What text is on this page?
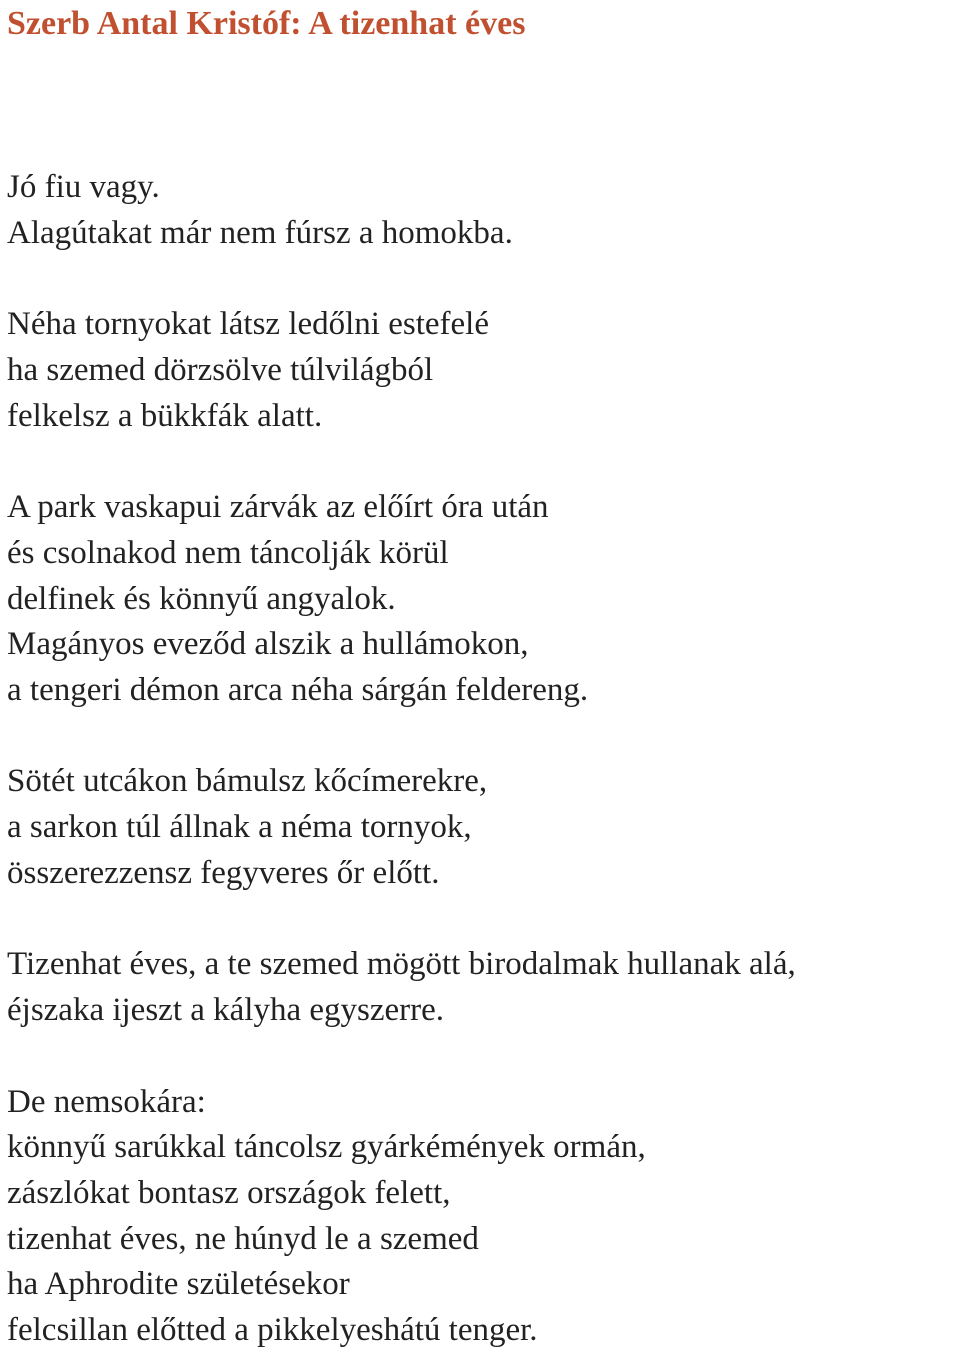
Szerb Antal Kristóf: A tizenhat éves

Jó fiu vagy.

Alagútakat már nem fúrsz a homokba.

Néha tornyokat látsz ledőlni estefelé

ha szemed dörzsölve túlvilágból

felkelsz a bükkfák alatt.

A park vaskapui zárvák az előírt óra után

és csolnakod nem táncolják körül

delfinek és könnyű angyalok.

Magányos eveződ alszik a hullámokon,

a tengeri démon arca néha sárgán feldereng.

Sötét utcákon bámulsz kőcímerekre,

a sarkon túl állnak a néma tornyok,

összerezzensz fegyveres őr előtt.

Tizenhat éves, a te szemed mögött birodalmak hullanak alá,

éjszaka ijeszt a kályha egyszerre.

De nemsokára:

könnyű sarúkkal táncolsz gyárkémények ormán,

zászlókat bontasz országok felett,

tizenhat éves, ne húnyd le a szemed

ha Aphrodite születésekor

felcsillan előtted a pikkelyeshátú tenger.
